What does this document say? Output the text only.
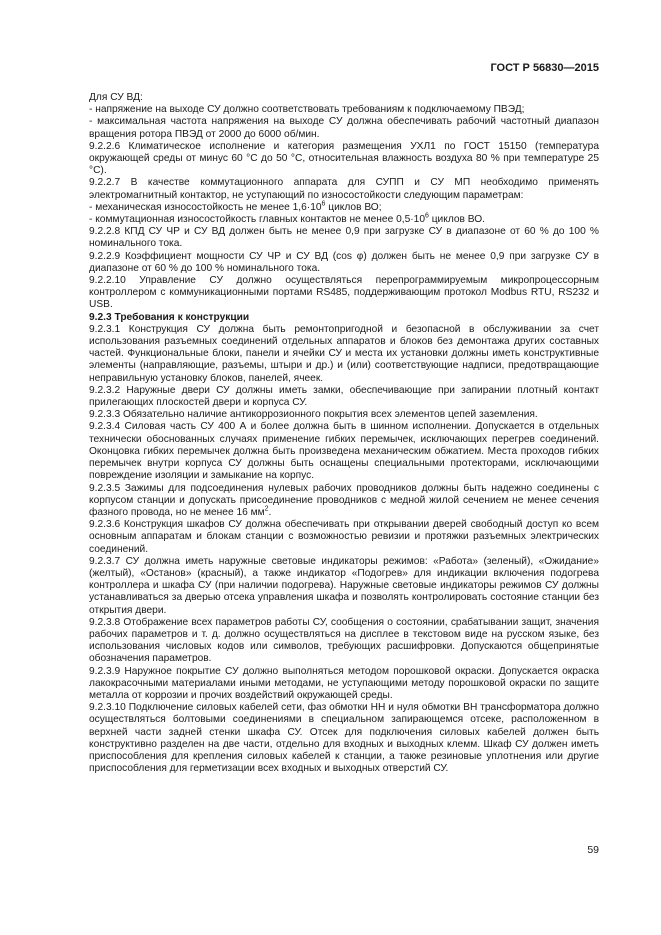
ГОСТ Р 56830—2015

Для СУ ВД:

- напряжение на выходе СУ должно соответствовать требованиям к подключаемому ПВЭД;

- максимальная частота напряжения на выходе СУ должна обеспечивать рабочий частотный диапазон вращения ротора ПВЭД от 2000 до 6000 об/мин.

9.2.2.6 Климатическое исполнение и категория размещения УХЛ1 по ГОСТ 15150 (температура окружающей среды от минус 60 °С до 50 °С, относительная влажность воздуха 80 % при температуре 25 °С).

9.2.2.7 В качестве коммутационного аппарата для СУПП и СУ МП необходимо применять электромагнитный контактор, не уступающий по износостойкости следующим параметрам:

- механическая износостойкость не менее $1,6\cdot 10^6$ циклов ВО;

- коммутационная износостойкость главных контактов не менее $0,5\cdot 10^6$ циклов ВО.

9.2.2.8 КПД СУ ЧР и СУ ВД должен быть не менее 0,9 при загрузке СУ в диапазоне от 60 % до 100 % номинального тока.

9.2.2.9 Коэффициент мощности СУ ЧР и СУ ВД (cos φ) должен быть не менее 0,9 при загрузке СУ в диапазоне от 60 % до 100 % номинального тока.

9.2.2.10 Управление СУ должно осуществляться перепрограммируемым микропроцессорным контроллером с коммуникационными портами RS485, поддерживающим протокол Modbus RTU, RS232 и USB.

9.2.3 Требования к конструкции

9.2.3.1 Конструкция СУ должна быть ремонтопригодной и безопасной в обслуживании за счет использования разъемных соединений отдельных аппаратов и блоков без демонтажа других составных частей. Функциональные блоки, панели и ячейки СУ и места их установки должны иметь конструктивные элементы (направляющие, разъемы, штыри и др.) и (или) соответствующие надписи, предотвращающие неправильную установку блоков, панелей, ячеек.

9.2.3.2 Наружные двери СУ должны иметь замки, обеспечивающие при запирании плотный контакт прилегающих плоскостей двери и корпуса СУ.

9.2.3.3 Обязательно наличие антикоррозионного покрытия всех элементов цепей заземления.

9.2.3.4 Силовая часть СУ 400 А и более должна быть в шинном исполнении. Допускается в отдельных технически обоснованных случаях применение гибких перемычек, исключающих перегрев соединений. Оконцовка гибких перемычек должна быть произведена механическим обжатием. Места проходов гибких перемычек внутри корпуса СУ должны быть оснащены специальными протекторами, исключающими повреждение изоляции и замыкание на корпус.

9.2.3.5 Зажимы для подсоединения нулевых рабочих проводников должны быть надежно соединены с корпусом станции и допускать присоединение проводников с медной жилой сечением не менее сечения фазного провода, но не менее 16 $мм^2$.

9.2.3.6 Конструкция шкафов СУ должна обеспечивать при открывании дверей свободный доступ ко всем основным аппаратам и блокам станции с возможностью ревизии и протяжки разъемных электрических соединений.

9.2.3.7 СУ должна иметь наружные световые индикаторы режимов: «Работа» (зеленый), «Ожидание» (желтый), «Останов» (красный), а также индикатор «Подогрев» для индикации включения подогрева контроллера и шкафа СУ (при наличии подогрева). Наружные световые индикаторы режимов СУ должны устанавливаться за дверью отсека управления шкафа и позволять контролировать состояние станции без открытия двери.

9.2.3.8 Отображение всех параметров работы СУ, сообщения о состоянии, срабатывании защит, значения рабочих параметров и т. д. должно осуществляться на дисплее в текстовом виде на русском языке, без использования числовых кодов или символов, требующих расшифровки. Допускаются общепринятые обозначения параметров.

9.2.3.9 Наружное покрытие СУ должно выполняться методом порошковой окраски. Допускается окраска лакокрасочными материалами иными методами, не уступающими методу порошковой окраски по защите металла от коррозии и прочих воздействий окружающей среды.

9.2.3.10 Подключение силовых кабелей сети, фаз обмотки НН и нуля обмотки ВН трансформатора должно осуществляться болтовыми соединениями в специальном запирающемся отсеке, расположенном в верхней части задней стенки шкафа СУ. Отсек для подключения силовых кабелей должен быть конструктивно разделен на две части, отдельно для входных и выходных клемм. Шкаф СУ должен иметь приспособления для крепления силовых кабелей к станции, а также резиновые уплотнения или другие приспособления для герметизации всех входных и выходных отверстий СУ.

59
